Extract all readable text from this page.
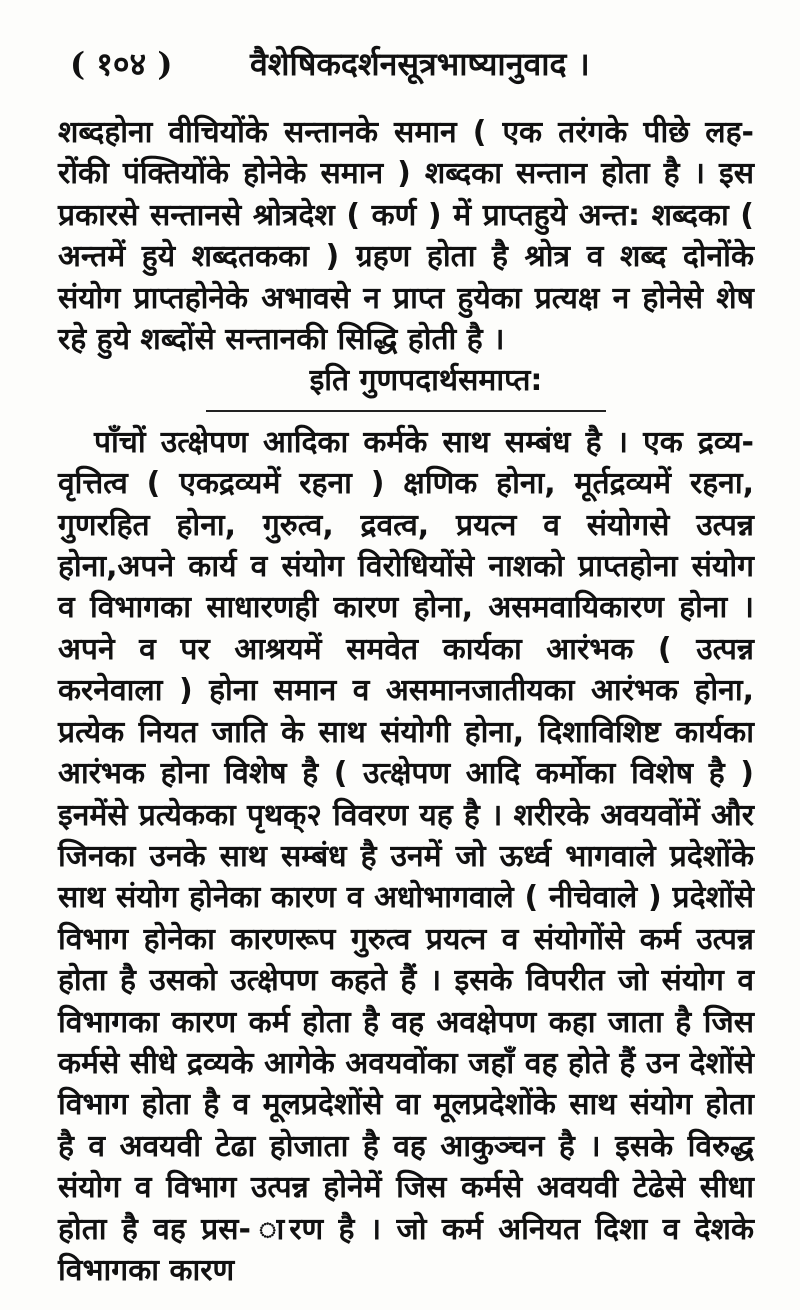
( १०४ ) वैशेषिकदर्शनसूत्रभाष्यानुवाद ।

शब्दहोना वीचियोंके सन्तानके समान ( एक तरंगके पीछे लह- रोंकी पंक्तियोंके होनेके समान ) शब्दका सन्तान होता है । इस प्रकारसे सन्तानसे श्रोत्रदेश ( कर्ण ) में प्राप्तहुये अन्त: शब्दका ( अन्तमें हुये शब्दतकका ) ग्रहण होता है श्रोत्र व शब्द दोनोंके संयोग प्राप्तहोनेके अभावसे न प्राप्त हुयेका प्रत्यक्ष न होनेसे शेष रहे हुये शब्दोंसे सन्तानकी सिद्धि होती है ।

इति गुणपदार्थसमाप्त:

पाँचों उत्क्षेपण आदिका कर्मके साथ सम्बंध है । एक द्रव्य- वृत्तित्व ( एकद्रव्यमें रहना ) क्षणिक होना, मूर्तद्रव्यमें रहना, गुणरहित होना, गुरुत्व, द्रवत्व, प्रयत्न व संयोगसे उत्पन्न होना,अपने कार्य व संयोग विरोधियोंसे नाशको प्राप्तहोना संयोग व विभागका साधारणही कारण होना, असमवायिकारण होना । अपने व पर आश्रयमें समवेत कार्यका आरंभक ( उत्पन्न करनेवाला ) होना समान व असमानजातीयका आरंभक होना, प्रत्येक नियत जाति के साथ संयोगी होना, दिशाविशिष्ट कार्यका आरंभक होना विशेष है ( उत्क्षेपण आदि कर्मोका विशेष है ) इनमेंसे प्रत्येकका पृथक्२ विवरण यह है । शरीरके अवयवोंमें और जिनका उनके साथ सम्बंध है उनमें जो ऊर्ध्व भागवाले प्रदेशोंके साथ संयोग होनेका कारण व अधोभागवाले ( नीचेवाले ) प्रदेशोंसे विभाग होनेका कारणरूप गुरुत्व प्रयत्न व संयोगोंसे कर्म उत्पन्न होता है उसको उत्क्षेपण कहते हैं । इसके विपरीत जो संयोग व विभागका कारण कर्म होता है वह अवक्षेपण कहा जाता है जिस कर्मसे सीधे द्रव्यके आगेके अवयवोंका जहाँ वह होते हैं उन देशोंसे विभाग होता है व मूलप्रदेशोंसे वा मूलप्रदेशोंके साथ संयोग होता है व अवयवी टेढा होजाता है वह आकुञ्चन है । इसके विरुद्ध संयोग व विभाग उत्पन्न होनेमें जिस कर्मसे अवयवी टेढेसे सीधा होता है वह प्रस- ारण है । जो कर्म अनियत दिशा व देशके विभागका कारण
